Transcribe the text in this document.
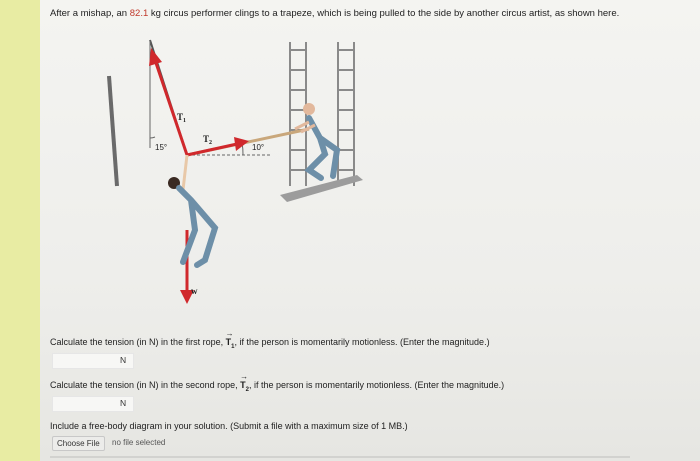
After a mishap, an 82.1 kg circus performer clings to a trapeze, which is being pulled to the side by another circus artist, as shown here.
$T_1$
$T_2$
w
15°	10°
Calculate the tension (in N) in the first rope, → $T_1$, if the person is momentarily motionless. (Enter the magnitude.)
N
Calculate the tension (in N) in the second rope, → $T_2$, if the person is momentarily motionless. (Enter the magnitude.)
N
Include a free-body diagram in your solution. (Submit a file with a maximum size of 1 MB.)
Choose File	no file selected
